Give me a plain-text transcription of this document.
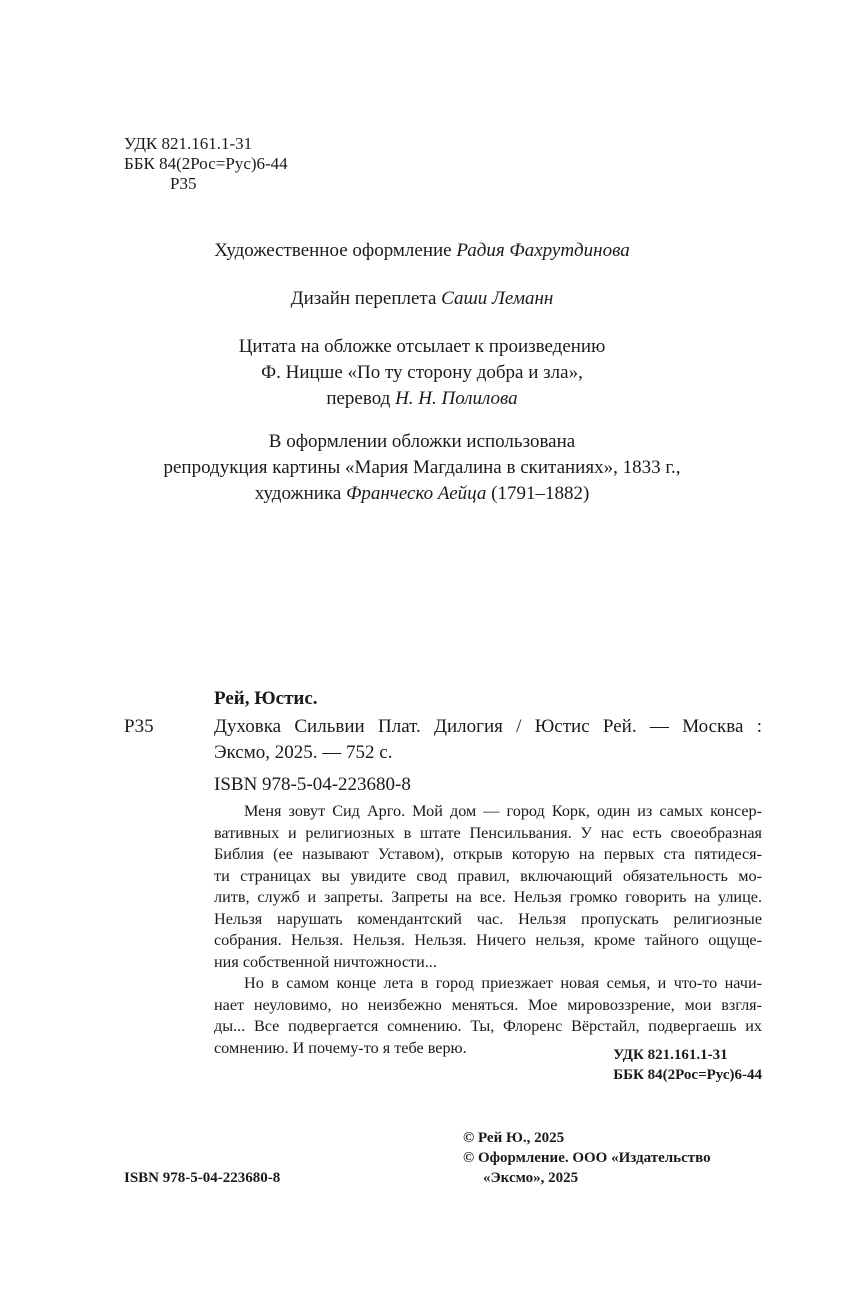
УДК 821.161.1-31
ББК 84(2Рос=Рус)6-44
Р35
Художественное оформление Радия Фахрутдинова
Дизайн переплета Саши Леманн
Цитата на обложке отсылает к произведению
Ф. Ницше «По ту сторону добра и зла»,
перевод Н. Н. Полилова
В оформлении обложки использована
репродукция картины «Мария Магдалина в скитаниях», 1833 г.,
художника Франческо Аейца (1791–1882)
Рей, Юстис.
Р35	Духовка Сильвии Плат. Дилогия / Юстис Рей. — Москва :
Эксмо, 2025. — 752 с.
ISBN 978-5-04-223680-8
Меня зовут Сид Арго. Мой дом — город Корк, один из самых консер-
вативных и религиозных в штате Пенсильвания. У нас есть своеобразная
Библия (ее называют Уставом), открыв которую на первых ста пятидеся-
ти страницах вы увидите свод правил, включающий обязательность мо-
литв, служб и запреты. Запреты на все. Нельзя громко говорить на улице.
Нельзя нарушать комендантский час. Нельзя пропускать религиозные
собрания. Нельзя. Нельзя. Нельзя. Ничего нельзя, кроме тайного ощуще-
ния собственной ничтожности...
Но в самом конце лета в город приезжает новая семья, и что-то начи-
нает неуловимо, но неизбежно меняться. Мое мировоззрение, мои взгля-
ды... Все подвергается сомнению. Ты, Флоренс Вёрстайл, подвергаешь их
сомнению. И почему-то я тебе верю.	УДК 821.161.1-31
ББК 84(2Рос=Рус)6-44
© Рей Ю., 2025
© Оформление. ООО «Издательство
«Эксмо», 2025
ISBN 978-5-04-223680-8
